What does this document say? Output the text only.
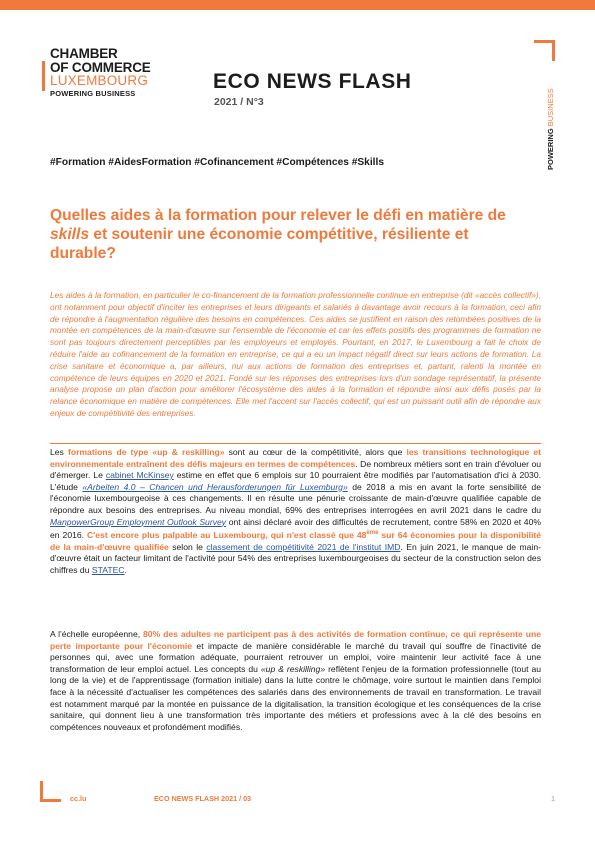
CHAMBER
OF COMMERCE
LUXEMBOURG
POWERING BUSINESS	ECO NEWS FLASH
2021 / N°3
POWERING BUSINESS
#Formation #AidesFormation #Cofinancement #Compétences #Skills
Quelles aides à la formation pour relever le défi en matière de skills et soutenir une économie compétitive, résiliente et durable?
Les aides à la formation, en particulier le co-financement de la formation professionnelle continue en entreprise (dit «accès collectif»), ont notamment pour objectif d'inciter les entreprises et leurs dirigeants et salariés à davantage avoir recours à la formation, ceci afin de répondre à l'augmentation régulière des besoins en compétences. Ces aides se justifient en raison des retombées positives de la montée en compétences de la main-d'œuvre sur l'ensemble de l'économie et car les effets positifs des programmes de formation ne sont pas toujours directement perceptibles par les employeurs et employés. Pourtant, en 2017, le Luxembourg a fait le choix de réduire l'aide au cofinancement de la formation en entreprise, ce qui a eu un impact négatif direct sur leurs actions de formation. La crise sanitaire et économique a, par ailleurs, nui aux actions de formation des entreprises et, partant, ralenti la montée en compétence de leurs équipes en 2020 et 2021. Fondé sur les réponses des entreprises lors d'un sondage représentatif, la présente analyse propose un plan d'action pour améliorer l'écosystème des aides à la formation et répondre ainsi aux défis posés par la relance économique en matière de compétences. Elle met l'accent sur l'accès collectif, qui est un puissant outil afin de répondre aux enjeux de compétitivité des entreprises.
Les formations de type «up & reskilling» sont au cœur de la compétitivité, alors que les transitions technologique et environnementale entraînent des défis majeurs en termes de compétences. De nombreux métiers sont en train d'évoluer ou d'émerger. Le cabinet McKinsey estime en effet que 6 emplois sur 10 pourraient être modifiés par l'automatisation d'ici à 2030. L'étude «Arbeiten 4.0 – Chancen und Herausforderungen für Luxemburg» de 2018 a mis en avant la forte sensibilité de l'économie luxembourgeoise à ces changements. Il en résulte une pénurie croissante de main-d'œuvre qualifiée capable de répondre aux besoins des entreprises. Au niveau mondial, 69% des entreprises interrogées en avril 2021 dans le cadre du ManpowerGroup Employment Outlook Survey ont ainsi déclaré avoir des difficultés de recrutement, contre 58% en 2020 et 40% en 2016. C'est encore plus palpable au Luxembourg, qui n'est classé que 48ème sur 64 économies pour la disponibilité de la main-d'œuvre qualifiée selon le classement de compétitivité 2021 de l'institut IMD. En juin 2021, le manque de main-d'œuvre était un facteur limitant de l'activité pour 54% des entreprises luxembourgeoises du secteur de la construction selon des chiffres du STATEC.
A l'échelle européenne, 80% des adultes ne participent pas à des activités de formation continue, ce qui représente une perte importante pour l'économie et impacte de manière considérable le marché du travail qui souffre de l'inactivité de personnes qui, avec une formation adéquate, pourraient retrouver un emploi, voire maintenir leur activité face à une transformation de leur emploi actuel. Les concepts du «up & reskilling» reflètent l'enjeu de la formation professionnelle (tout au long de la vie) et de l'apprentissage (formation initiale) dans la lutte contre le chômage, voire surtout le maintien dans l'emploi face à la nécessité d'actualiser les compétences des salariés dans des environnements de travail en transformation. Le travail est notamment marqué par la montée en puissance de la digitalisation, la transition écologique et les conséquences de la crise sanitaire, qui donnent lieu à une transformation très importante des métiers et professions avec à la clé des besoins en compétences nouveaux et profondément modifiés.
cc.lu	ECO NEWS FLASH 2021 / 03	1
